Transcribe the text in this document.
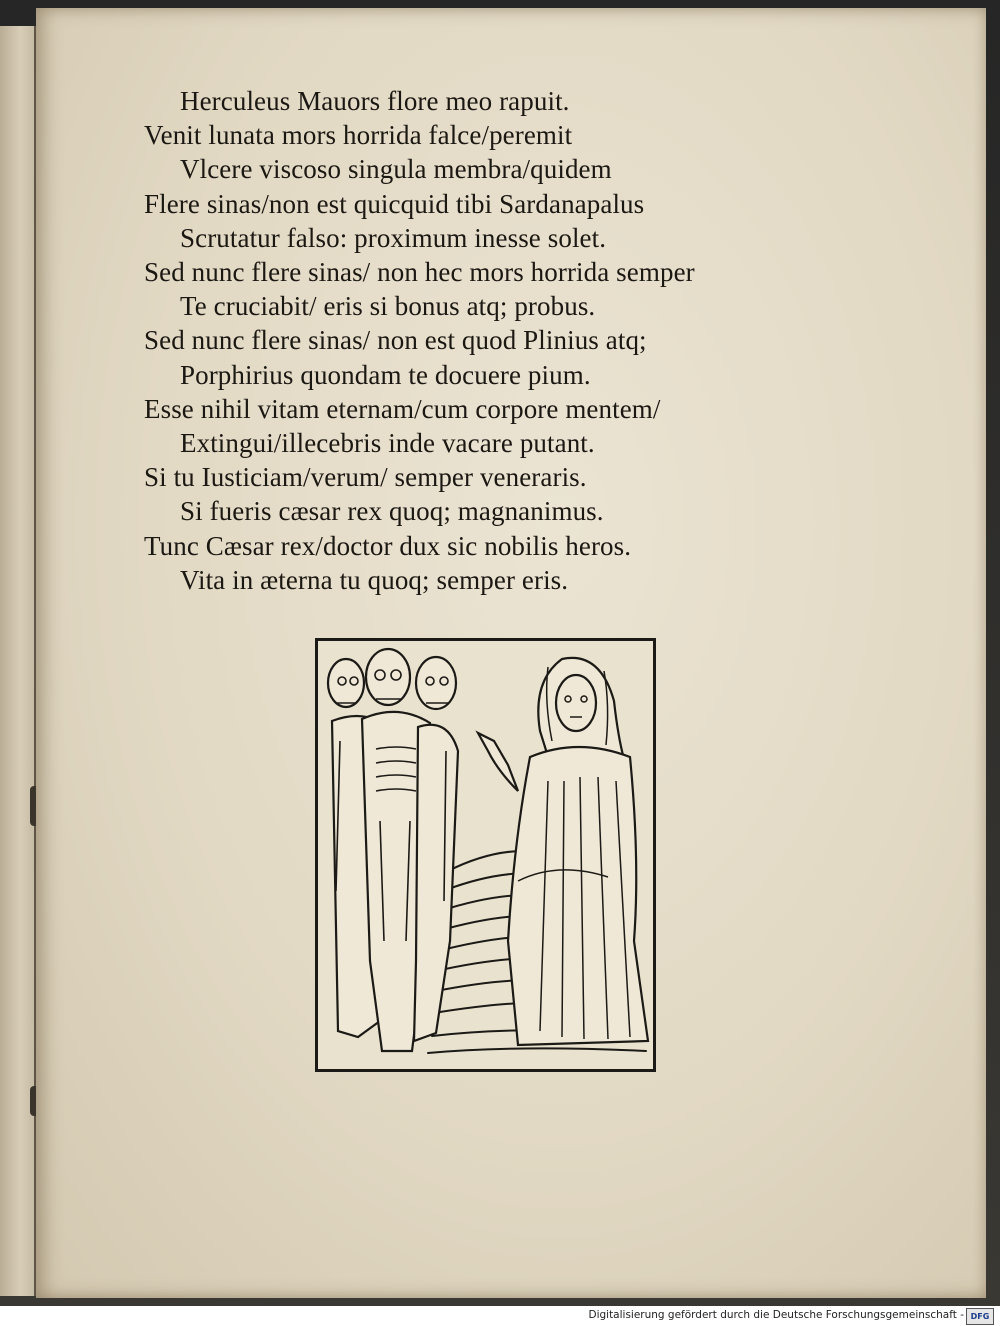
Herculeus Mauors flore meo rapuit.
Venit lunata mors horrida falce/peremit
Vlcere viscoso singula membra/quidem
Flere sinas/non est quicquid tibi Sardanapalus
Scrutatur falso: proximum inesse solet.
Sed nunc flere sinas/ non hec mors horrida semper
Te cruciabit/ eris si bonus atq; probus.
Sed nunc flere sinas/ non est quod Plinius atq;
Porphirius quondam te docuere pium.
Esse nihil vitam eternam/cum corpore mentem/
Extingui/illecebris inde vacare putant.
Si tu Iusticiam/verum/ semper veneraris.
Si fueris cæsar rex quoq; magnanimus.
Tunc Cæsar rex/doctor dux sic nobilis heros.
Vita in æterna tu quoq; semper eris.
Digitalisierung gefördert durch die Deutsche Forschungsgemeinschaft - DFG
